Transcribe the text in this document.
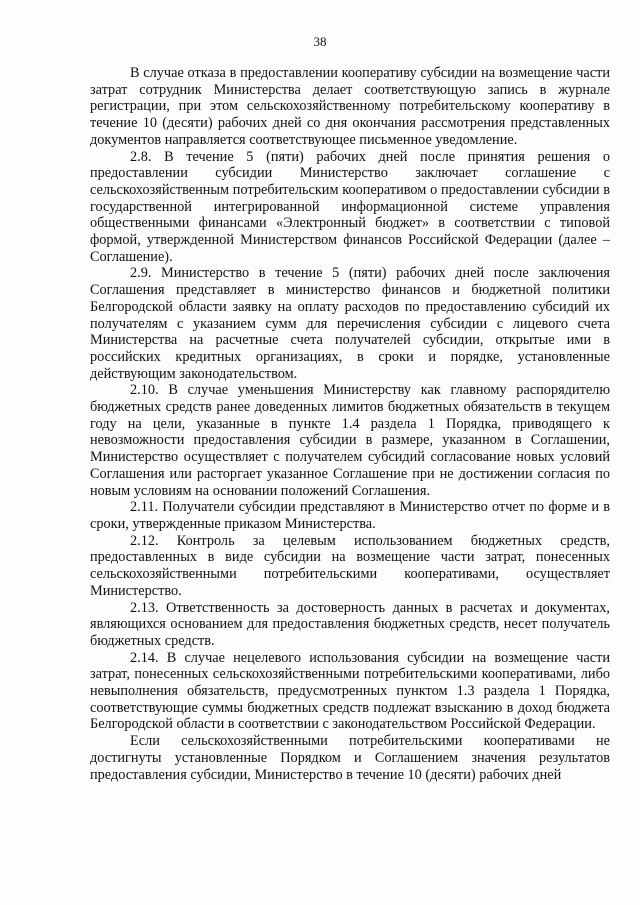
38

В случае отказа в предоставлении кооперативу субсидии на возмещение части затрат сотрудник Министерства делает соответствующую запись в журнале регистрации, при этом сельскохозяйственному потребительскому кооперативу в течение 10 (десяти) рабочих дней со дня окончания рассмотрения представленных документов направляется соответствующее письменное уведомление.

2.8. В течение 5 (пяти) рабочих дней после принятия решения о предоставлении субсидии Министерство заключает соглашение с сельскохозяйственным потребительским кооперативом о предоставлении субсидии в государственной интегрированной информационной системе управления общественными финансами «Электронный бюджет» в соответствии с типовой формой, утвержденной Министерством финансов Российской Федерации (далее – Соглашение).

2.9. Министерство в течение 5 (пяти) рабочих дней после заключения Соглашения представляет в министерство финансов и бюджетной политики Белгородской области заявку на оплату расходов по предоставлению субсидий их получателям с указанием сумм для перечисления субсидии с лицевого счета Министерства на расчетные счета получателей субсидии, открытые ими в российских кредитных организациях, в сроки и порядке, установленные действующим законодательством.

2.10. В случае уменьшения Министерству как главному распорядителю бюджетных средств ранее доведенных лимитов бюджетных обязательств в текущем году на цели, указанные в пункте 1.4 раздела 1 Порядка, приводящего к невозможности предоставления субсидии в размере, указанном в Соглашении, Министерство осуществляет с получателем субсидий согласование новых условий Соглашения или расторгает указанное Соглашение при не достижении согласия по новым условиям на основании положений Соглашения.

2.11. Получатели субсидии представляют в Министерство отчет по форме и в сроки, утвержденные приказом Министерства.

2.12. Контроль за целевым использованием бюджетных средств, предоставленных в виде субсидии на возмещение части затрат, понесенных сельскохозяйственными потребительскими кооперативами, осуществляет Министерство.

2.13. Ответственность за достоверность данных в расчетах и документах, являющихся основанием для предоставления бюджетных средств, несет получатель бюджетных средств.

2.14. В случае нецелевого использования субсидии на возмещение части затрат, понесенных сельскохозяйственными потребительскими кооперативами, либо невыполнения обязательств, предусмотренных пунктом 1.3 раздела 1 Порядка, соответствующие суммы бюджетных средств подлежат взысканию в доход бюджета Белгородской области в соответствии с законодательством Российской Федерации.

Если сельскохозяйственными потребительскими кооперативами не достигнуты установленные Порядком и Соглашением значения результатов предоставления субсидии, Министерство в течение 10 (десяти) рабочих дней
